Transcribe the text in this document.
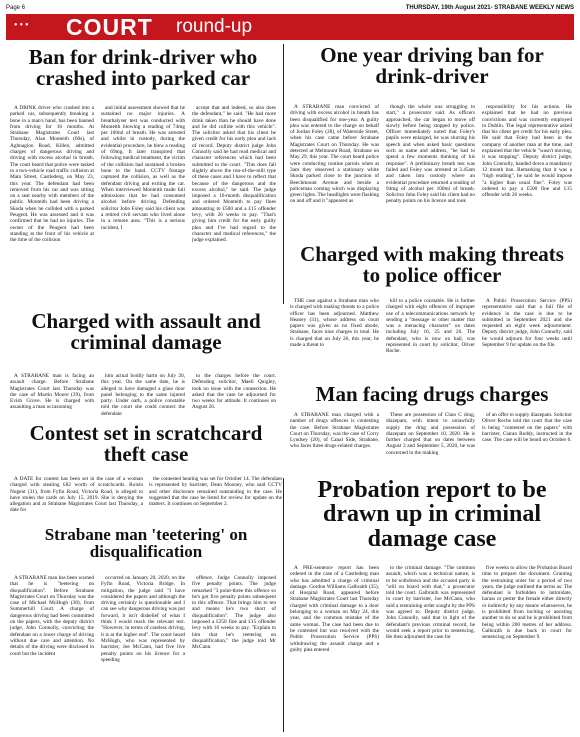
Page 6	THURSDAY, 19th August 2021- STRABANE WEEKLY NEWS
••• COURT round-up
Ban for drink-driver who crashed into parked car

A DRINK driver who crashed into a parked car, subsequently breaking a bone in a man's hand, has been banned from driving for 16 months. At Strabane Magistrates Court last Thursday, Alan Monteith (60s), of Aghnaglon Road, Killen, admitted charges of dangerous driving and driving with excess alcohol in breath. The court heard that police were tasked to a two-vehicle road traffic collision at Main Street, Castlederg, on May 23, this year. The defendant had been removed from his car and was sitting on a seat nearby with members of the public. Monteith had been driving a Skoda when he collided with a parked Peugeot. He was assessed and it was confirmed that he had no injuries. The owner of the Peugeot had been standing at the front of his vehicle at the time of the collision

and initial assessment showed that he sustained no major injuries. A breathalyser test was conducted with Monteith blowing a reading of 74mg per 100ml of breath. He was arrested and whilst in custody, during the evidential procedure, he blew a reading of 69mg. It later transpired that following medical treatment, the victim of the collision had sustained a broken bone to the hand. CCTV footage captured the collision, as well as the defendant driving and exiting the car. When interviewed Monteith made full admissions that he had consumed alcohol before driving. Defending solicitor John Foley said his client was a retired civil servant who lived alone in a remote area. "This is a serious incident, I

accept that and indeed, so also does the defendant," he said. "He had more drink taken than he should have done and he did collide with this vehicle". The solicitor asked that his client be given credit for his early plea and lack of record. Deputy district judge John Connolly said he had read medical and character references which had been submitted to the court. "This does fall slightly above the run-of-the-mill type of these cases and I have to reflect that because of the dangerous and the excess alcohol," he said. The judge imposed a 16-month disqualification and ordered Monteith to pay fines amounting to £500 and a £15 offender levy, with 26 weeks to pay. "That's giving him credit for the early guilty plea and I've had regard to the character and medical references," the judge explained.

One year driving ban for drink-driver

A STRABANE man convicted of driving with excess alcohol in breath has been disqualified for one-year. A guilty plea was entered to the charge on behalf of Jordan Foley (28), of Waterside Street, when his case came before Strabane Magistrates Court on Thursday. He was detected at Melmount Road, Strabane on May 29, this year. The court heard police were conducting routine patrols when at 3am they observed a stationary white Skoda parked close to the junction of Beechmount Avenue and beside a policeman coming which was displaying green lights. The headlights were flashing on and off and it "appeared as

though the whole was struggling to start," a prosecutor said. As officers approached, the car began to move off slowly before being stopped by police. Officer immediately noted that Foley's pupils were enlarged, he was slurring his speech and when asked basic questions such as name and address, "he had to spend a few moments thinking of his response". A preliminary breath test was failed and Foley was arrested at 3.45am and taken into custody where an evidential procedure returned a reading of 94mg of alcohol per 100ml of breath. Solicitor John Foley said his client had no penalty points on his licence and took

responsibility for his actions. He explained that he had no previous convictions and was currently employed in Dublin. The legal representative asked that his client get credit for his early plea. He said that Foley had been in the company of another man at the time, and explained that the vehicle "wasn't moving, it was stopping". Deputy district judge, John Connolly, handed down a mandatory 12 month ban. Remarking that it was a "high reading", he said he would impose "a higher than usual fine". Foley was ordered to pay a £500 fine and £15 offender with 26 weeks.

Charged with making threats to police officer

THE case against a Strabane man who is charged with making threats to a police officer has been adjourned. Matthew Heaney (31), whose address on court papers was given as no fixed abode, Strabane, faces nine charges in total. He is charged that on July 26, this year, he made a threat to

kill to a police constable. He is further charged with eight offences of improper use of a telecommunications network by sending a "message or other matter that was a menacing character" on dates including July 16, 25 and 26. The defendant, who is now on bail, was represented in court by solicitor, Oliver Roche.

A Public Prosecution Service (PPS) representative said that a full file of evidence in the case is due to be submitted in September 2021 and she requested an eight week adjournment. Deputy district judge, John Connolly, said he would adjourn for four weeks until September 9 for update on the file.

Charged with assault and criminal damage

A STRABANE man is facing an assault charge. Before Strabane Magistrates Court last Thursday was the case of Martin Moore (39), from Evish Grove. He is charged with assaulting a man occasioning

him actual bodily harm on July 20, this year. On the same date, he is alleged to have damaged a glass door panel belonging to the same injured party. Under oath, a police constable told the court she could connect the defendant

to the charges before the court. Defending solicitor, Maeli Quigley, took no issue with the connection. He asked that the case be adjourned for two weeks for attitude. It continues on August 26.

Man facing drugs charges

A STRABANE man charged with a number of drugs offences is contesting the case. Before Strabane Magistrates Court on Thursday, was the case of Corry Lyndsey (20), of Canal Side, Strabane, who faces three drugs-related charges.

These are possession of Class C drug, diazepam, with intent to unlawfully supply the drug and possession of diazepam on September 10, 2020. He is further charged that on dates between August 3 and September 5, 2020, he was concerned in the making

of an offer to supply diazepam. Solicitor Oliver Roche told the court that the case is being "contested on the papers" with barrister, Ciaran Roddy, instructed in the case. The case will be heard on October 6.

Contest set in scratchcard theft case

A DATE for contest has been set in the case of a woman charged with stealing £82 worth of scratchcards. Roisin Nugent (31), from Fyfin Road, Victoria Road, is alleged to have stolen the cards on July 15, 2019. She is denying the allegation and at Strabane Magistrates Court last Thursday, a date for

the contested hearing was set for October 14. The defendant is represented by barrister, Dean Mooney, who said CCTV and other disclosure remained outstanding in the case. He suggested that the case be listed for review for update on the matters. It continues on September 2.

Strabane man 'teetering' on disqualification

A STRABANE man has been warned that he is "teetering on disqualification". Before Strabane Magistrates Court on Thursday was the case of Michael McHugh (38), from Summerhill Court. A charge of dangerous driving had been committed on the papers, with the deputy district judge, John Connolly, convicting the defendant on a lower charge of driving without due care and attention. No details of the driving were disclosed in court but the incident

occurred on January 20, 2020, on the Fyfin Road, Victoria Bridge. In mitigation, the judge said "I have considered the papers and although the driving certainly is questionable and I can see why dangerous driving was put forward, it isn't disbelief of what I think I would reach the relevant test. "However, in terms of careless driving, it is at the higher end". The court heard McHugh, who was represented by barrister, Joe McCann, had five live penalty points on his licence for a speeding

offence. Judge Connolly imposed five penalty points. The judge remarked "3 point-three this offence so he's got five penalty points subsequent to this offence. That brings him to ten and means he's two short of disqualification". The judge also imposed a £250 fine and £15 offender levy with 10 weeks to pay. "Explain to him that he's teetering on disqualification," the judge told Mr McCann.

Probation report to be drawn up in criminal damage case

A PRE-sentence report has been ordered in the case of a Castlederg man who has admitted a charge of criminal damage. Gordon Williams Galbraith (35), of Hospital Road, appeared before Strabane Magistrates Court last Thursday charged with criminal damage to a door belonging to a woman on May 24, this year, and the common mistake of the same woman. The case had been due to be contested but was resolved with the Public Prosecution Service (PPS) withdrawing the assault charge and a guilty plea entered

to the criminal damage. "The common assault, which was a technical nature, is to be withdrawn and the accused party is "still on board with that," a prosecutor told the court. Galbraith was represented in court by barrister, Joe McCann, who said a restraining order sought by the PPS was agreed to. Deputy district judge, John Connolly, said that in light of the defendant's previous criminal record, he would seek a report prior to sentencing. He then adjourned the case for

five weeks to allow the Probation Board time to prepare the document. Granting the restraining order for a period of two years, the judge outlined the terms as: The defendant is forbidden to intimidate, harass or pester the female either directly or indirectly by any means whatsoever, he is prohibited from inciting or assisting another to do so and he is prohibited from being within 200 metres of her address. Galbraith is due back in court for sentencing on September 9.
